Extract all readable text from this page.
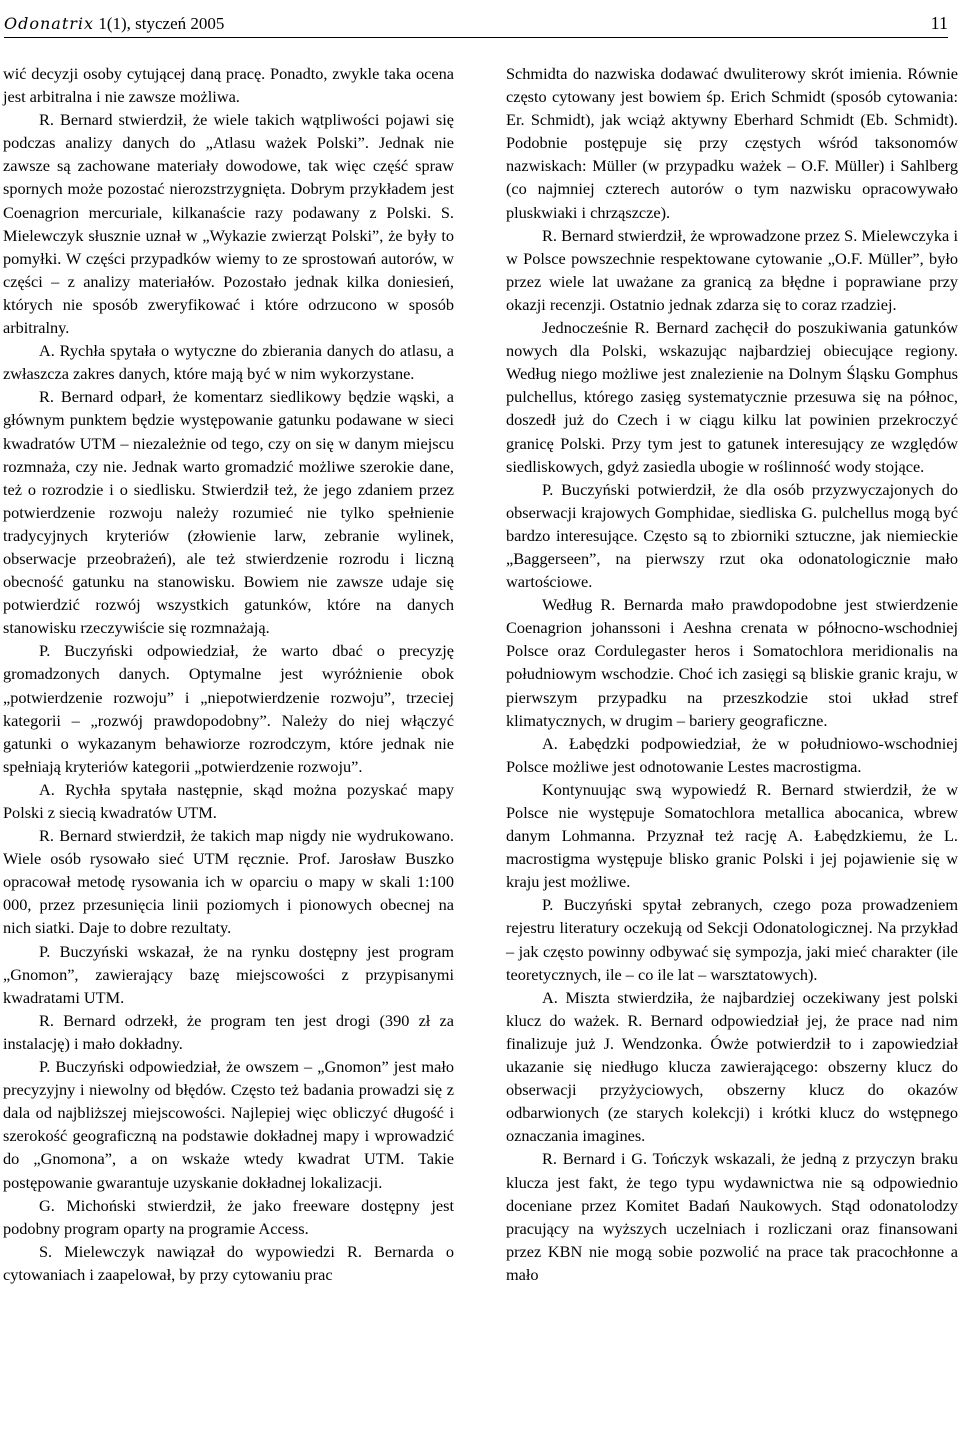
Odonatrix 1(1), styczeń 2005	11

wić decyzji osoby cytującej daną pracę. Ponadto, zwykle taka ocena jest arbitralna i nie zawsze możliwa.

R. Bernard stwierdził, że wiele takich wątpliwości pojawi się podczas analizy danych do „Atlasu ważek Polski”. Jednak nie zawsze są zachowane materiały dowodowe, tak więc część spraw spornych może pozostać nierozstrzygnięta. Dobrym przykładem jest Coenagrion mercuriale, kilkanaście razy podawany z Polski. S. Mielewczyk słusznie uznał w „Wykazie zwierząt Polski”, że były to pomyłki. W części przypadków wiemy to ze sprostowań autorów, w części – z analizy materiałów. Pozostało jednak kilka doniesień, których nie sposób zweryfikować i które odrzucono w sposób arbitralny.

A. Rychła spytała o wytyczne do zbierania danych do atlasu, a zwłaszcza zakres danych, które mają być w nim wykorzystane.

R. Bernard odparł, że komentarz siedlikowy będzie wąski, a głównym punktem będzie występowanie gatunku podawane w sieci kwadratów UTM – niezależnie od tego, czy on się w danym miejscu rozmnaża, czy nie. Jednak warto gromadzić możliwe szerokie dane, też o rozrodzie i o siedlisku. Stwierdził też, że jego zdaniem przez potwierdzenie rozwoju należy rozumieć nie tylko spełnienie tradycyjnych kryteriów (złowienie larw, zebranie wylinek, obserwacje przeobrażeń), ale też stwierdzenie rozrodu i liczną obecność gatunku na stanowisku. Bowiem nie zawsze udaje się potwierdzić rozwój wszystkich gatunków, które na danych stanowisku rzeczywiście się rozmnażają.

P. Buczyński odpowiedział, że warto dbać o precyzję gromadzonych danych. Optymalne jest wyróżnienie obok „potwierdzenie rozwoju” i „niepotwierdzenie rozwoju”, trzeciej kategorii – „rozwój prawdopodobny”. Należy do niej włączyć gatunki o wykazanym behawiorze rozrodczym, które jednak nie spełniają kryteriów kategorii „potwierdzenie rozwoju”.

A. Rychła spytała następnie, skąd można pozyskać mapy Polski z siecią kwadratów UTM.

R. Bernard stwierdził, że takich map nigdy nie wydrukowano. Wiele osób rysowało sieć UTM ręcznie. Prof. Jarosław Buszko opracował metodę rysowania ich w oparciu o mapy w skali 1:100 000, przez przesunięcia linii poziomych i pionowych obecnej na nich siatki. Daje to dobre rezultaty.

P. Buczyński wskazał, że na rynku dostępny jest program „Gnomon”, zawierający bazę miejscowości z przypisanymi kwadratami UTM.

R. Bernard odrzekł, że program ten jest drogi (390 zł za instalację) i mało dokładny.

P. Buczyński odpowiedział, że owszem – „Gnomon” jest mało precyzyjny i niewolny od błędów. Często też badania prowadzi się z dala od najbliższej miejscowości. Najlepiej więc obliczyć długość i szerokość geograficzną na podstawie dokładnej mapy i wprowadzić do „Gnomona”, a on wskaże wtedy kwadrat UTM. Takie postępowanie gwarantuje uzyskanie dokładnej lokalizacji.

G. Michoński stwierdził, że jako freeware dostępny jest podobny program oparty na programie Access.

S. Mielewczyk nawiązał do wypowiedzi R. Bernarda o cytowaniach i zaapelował, by przy cytowaniu prac

Schmidta do nazwiska dodawać dwuliterowy skrót imienia. Równie często cytowany jest bowiem śp. Erich Schmidt (sposób cytowania: Er. Schmidt), jak wciąż aktywny Eberhard Schmidt (Eb. Schmidt). Podobnie postępuje się przy częstych wśród taksonomów nazwiskach: Müller (w przypadku ważek – O.F. Müller) i Sahlberg (co najmniej czterech autorów o tym nazwisku opracowywało pluskwiaki i chrząszcze).

R. Bernard stwierdził, że wprowadzone przez S. Mielewczyka i w Polsce powszechnie respektowane cytowanie „O.F. Müller”, było przez wiele lat uważane za granicą za błędne i poprawiane przy okazji recenzji. Ostatnio jednak zdarza się to coraz rzadziej.

Jednocześnie R. Bernard zachęcił do poszukiwania gatunków nowych dla Polski, wskazując najbardziej obiecujące regiony. Według niego możliwe jest znalezienie na Dolnym Śląsku Gomphus pulchellus, którego zasięg systematycznie przesuwa się na północ, doszedł już do Czech i w ciągu kilku lat powinien przekroczyć granicę Polski. Przy tym jest to gatunek interesujący ze względów siedliskowych, gdyż zasiedla ubogie w roślinność wody stojące.

P. Buczyński potwierdził, że dla osób przyzwyczajonych do obserwacji krajowych Gomphidae, siedliska G. pulchellus mogą być bardzo interesujące. Często są to zbiorniki sztuczne, jak niemieckie „Baggerseen”, na pierwszy rzut oka odonatologicznie mało wartościowe.

Według R. Bernarda mało prawdopodobne jest stwierdzenie Coenagrion johanssoni i Aeshna crenata w północno-wschodniej Polsce oraz Cordulegaster heros i Somatochlora meridionalis na południowym wschodzie. Choć ich zasięgi są bliskie granic kraju, w pierwszym przypadku na przeszkodzie stoi układ stref klimatycznych, w drugim – bariery geograficzne.

A. Łabędzki podpowiedział, że w południowo-wschodniej Polsce możliwe jest odnotowanie Lestes macrostigma.

Kontynuując swą wypowiedź R. Bernard stwierdził, że w Polsce nie występuje Somatochlora metallica abocanica, wbrew danym Lohmanna. Przyznał też rację A. Łabędzkiemu, że L. macrostigma występuje blisko granic Polski i jej pojawienie się w kraju jest możliwe.

P. Buczyński spytał zebranych, czego poza prowadzeniem rejestru literatury oczekują od Sekcji Odonatologicznej. Na przykład – jak często powinny odbywać się sympozja, jaki mieć charakter (ile teoretycznych, ile – co ile lat – warsztatowych).

A. Miszta stwierdziła, że najbardziej oczekiwany jest polski klucz do ważek. R. Bernard odpowiedział jej, że prace nad nim finalizuje już J. Wendzonka. Ówże potwierdził to i zapowiedział ukazanie się niedługo klucza zawierającego: obszerny klucz do obserwacji przyżyciowych, obszerny klucz do okazów odbarwionych (ze starych kolekcji) i krótki klucz do wstępnego oznaczania imagines.

R. Bernard i G. Tończyk wskazali, że jedną z przyczyn braku klucza jest fakt, że tego typu wydawnictwa nie są odpowiednio doceniane przez Komitet Badań Naukowych. Stąd odonatolodzy pracujący na wyższych uczelniach i rozliczani oraz finansowani przez KBN nie mogą sobie pozwolić na prace tak pracochłonne a mało
